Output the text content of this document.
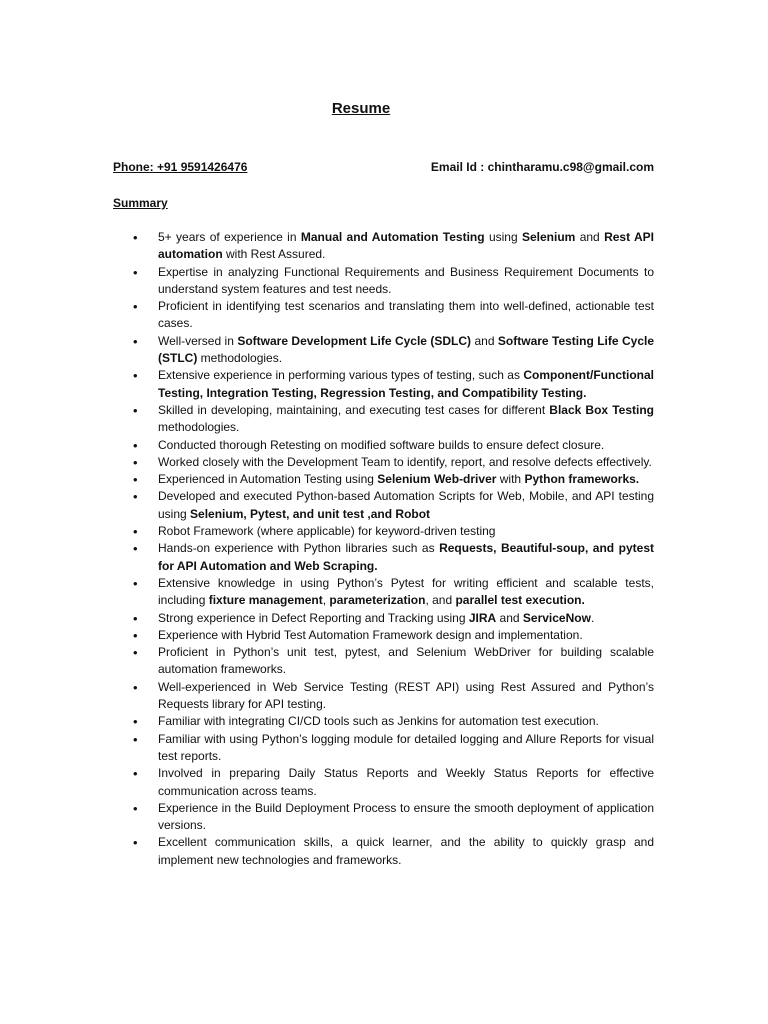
Resume
Phone: +91 9591426476	Email Id : chintharamu.c98@gmail.com
Summary
• 5+ years of experience in Manual and Automation Testing using Selenium and Rest API automation with Rest Assured.
• Expertise in analyzing Functional Requirements and Business Requirement Documents to understand system features and test needs.
• Proficient in identifying test scenarios and translating them into well-defined, actionable test cases.
• Well-versed in Software Development Life Cycle (SDLC) and Software Testing Life Cycle (STLC) methodologies.
• Extensive experience in performing various types of testing, such as Component/Functional Testing, Integration Testing, Regression Testing, and Compatibility Testing.
• Skilled in developing, maintaining, and executing test cases for different Black Box Testing methodologies.
• Conducted thorough Retesting on modified software builds to ensure defect closure.
• Worked closely with the Development Team to identify, report, and resolve defects effectively.
• Experienced in Automation Testing using Selenium Web-driver with Python frameworks.
• Developed and executed Python-based Automation Scripts for Web, Mobile, and API testing using Selenium, Pytest, and unit test ,and Robot
• Robot Framework (where applicable) for keyword-driven testing
• Hands-on experience with Python libraries such as Requests, Beautiful-soup, and pytest for API Automation and Web Scraping.
• Extensive knowledge in using Python’s Pytest for writing efficient and scalable tests, including fixture management, parameterization, and parallel test execution.
• Strong experience in Defect Reporting and Tracking using JIRA and ServiceNow.
• Experience with Hybrid Test Automation Framework design and implementation.
• Proficient in Python’s unit test, pytest, and Selenium WebDriver for building scalable automation frameworks.
• Well-experienced in Web Service Testing (REST API) using Rest Assured and Python’s Requests library for API testing.
• Familiar with integrating CI/CD tools such as Jenkins for automation test execution.
• Familiar with using Python’s logging module for detailed logging and Allure Reports for visual test reports.
• Involved in preparing Daily Status Reports and Weekly Status Reports for effective communication across teams.
• Experience in the Build Deployment Process to ensure the smooth deployment of application versions.
• Excellent communication skills, a quick learner, and the ability to quickly grasp and implement new technologies and frameworks.
